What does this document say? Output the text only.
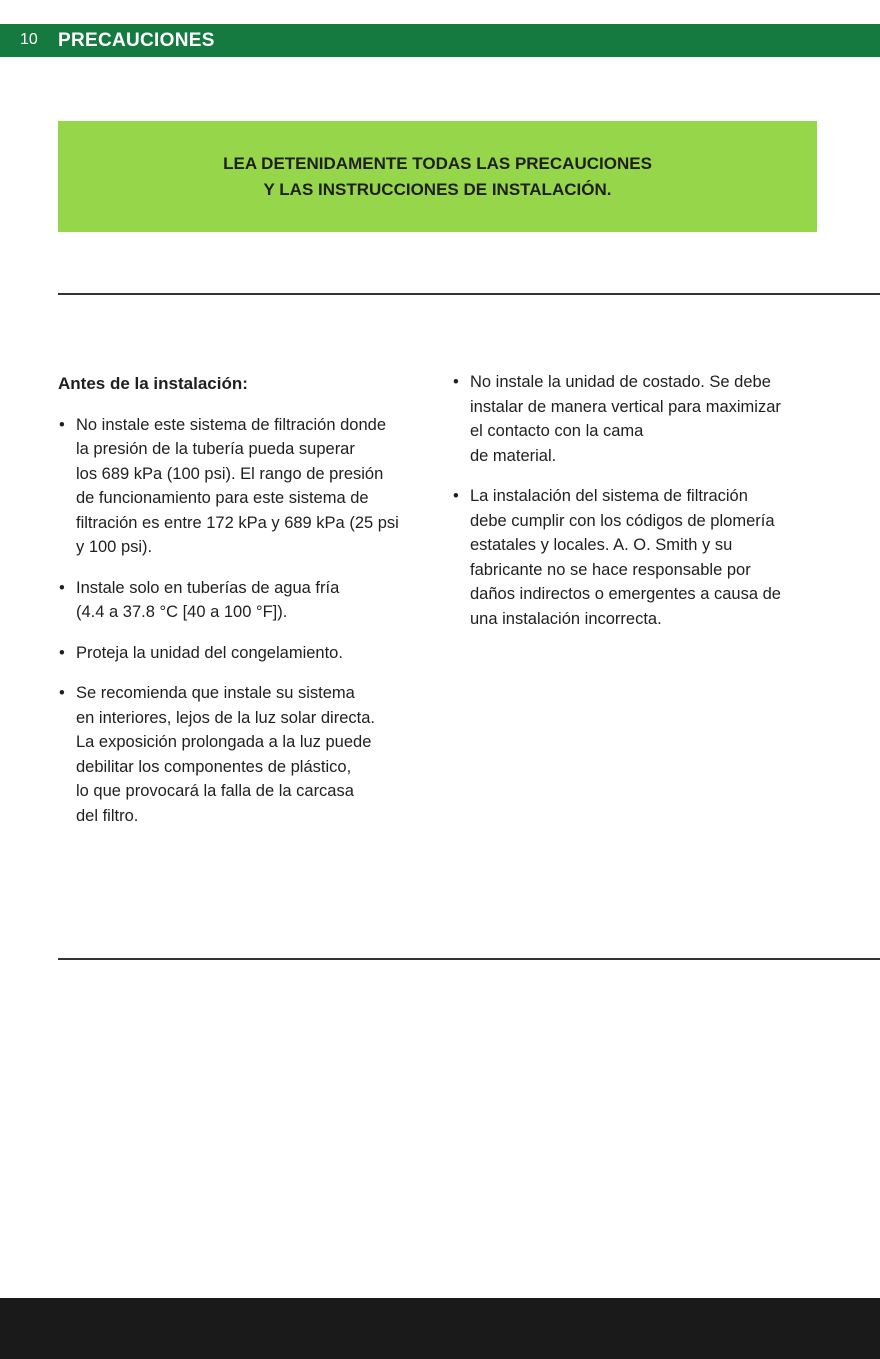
10 PRECAUCIONES
LEA DETENIDAMENTE TODAS LAS PRECAUCIONES
Y LAS INSTRUCCIONES DE INSTALACIÓN.
Antes de la instalación:
• No instale este sistema de filtración donde
la presión de la tubería pueda superar
los 689 kPa (100 psi). El rango de presión
de funcionamiento para este sistema de
filtración es entre 172 kPa y 689 kPa (25 psi
y 100 psi).
• Instale solo en tuberías de agua fría
(4.4 a 37.8 °C [40 a 100 °F]).
• Proteja la unidad del congelamiento.
• Se recomienda que instale su sistema
en interiores, lejos de la luz solar directa.
La exposición prolongada a la luz puede
debilitar los componentes de plástico,
lo que provocará la falla de la carcasa
del filtro.
• No instale la unidad de costado. Se debe
instalar de manera vertical para maximizar
el contacto con la cama
de material.
• La instalación del sistema de filtración
debe cumplir con los códigos de plomería
estatales y locales. A. O. Smith y su
fabricante no se hace responsable por
daños indirectos o emergentes a causa de
una instalación incorrecta.
